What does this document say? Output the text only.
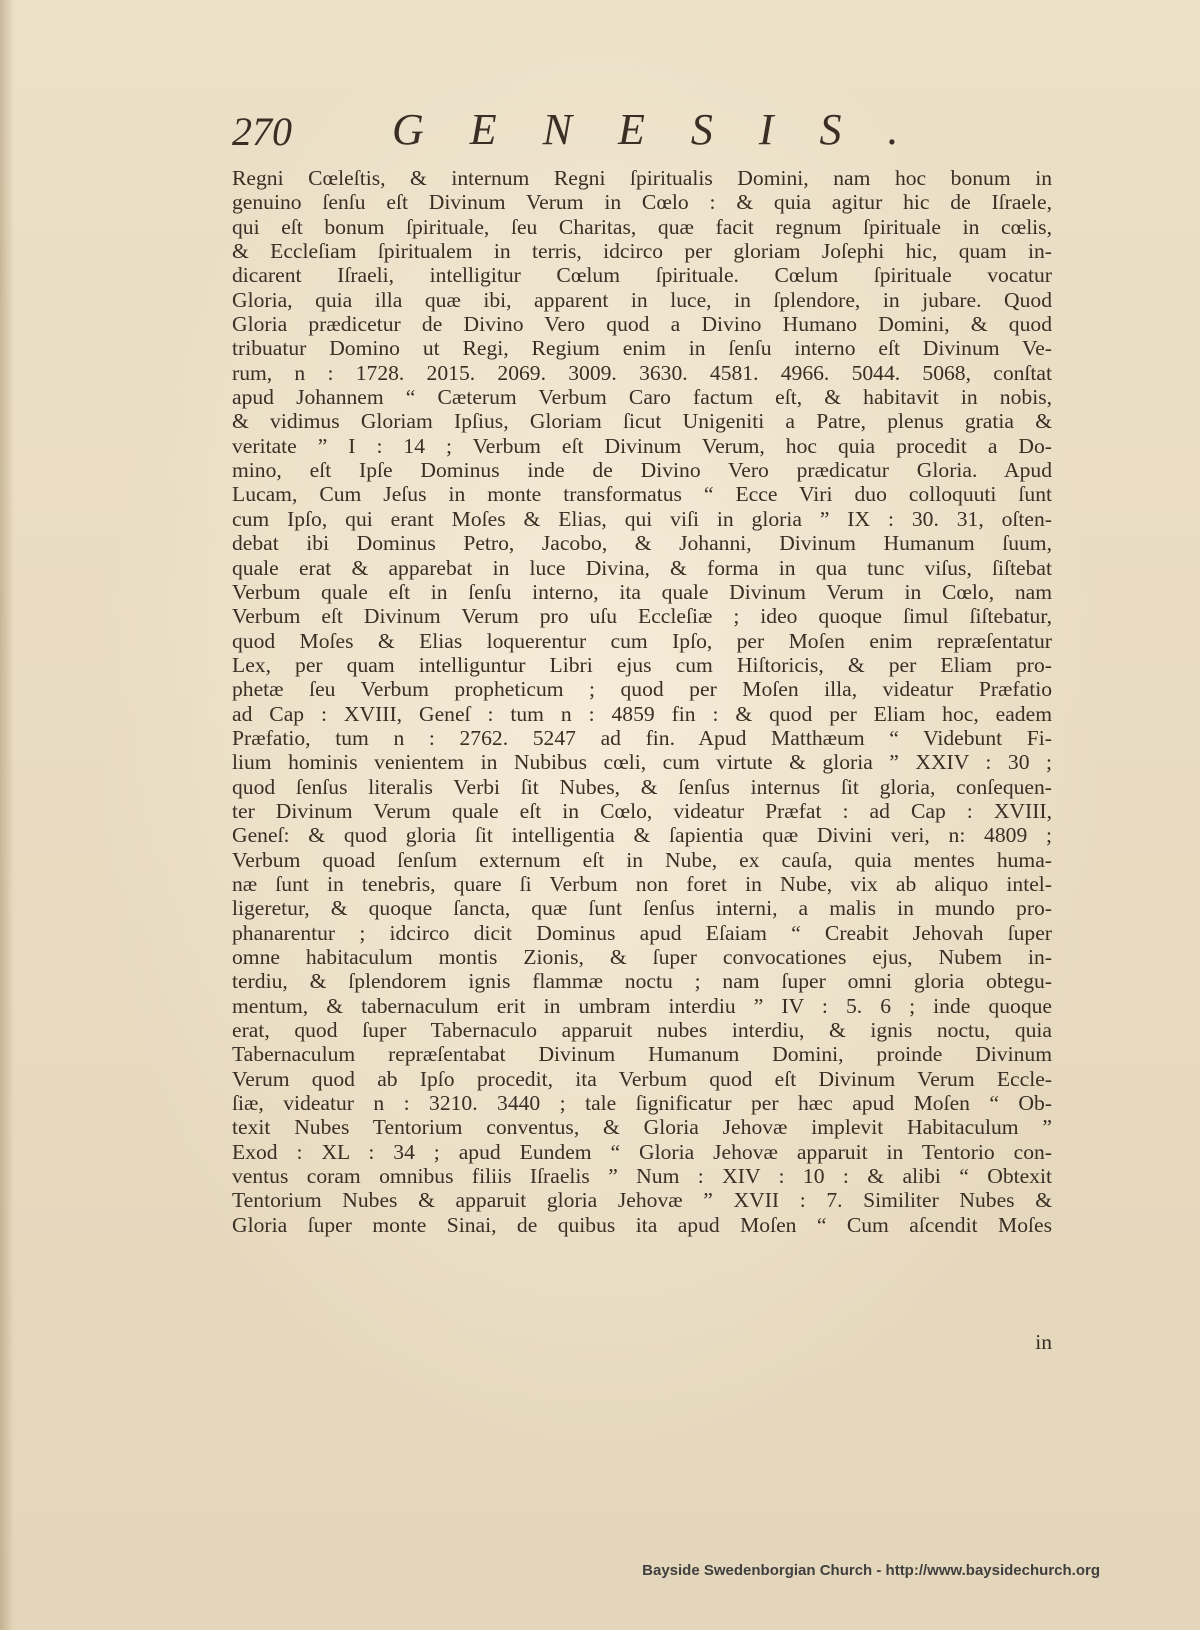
270 GENESIS.
Regni Cœleſtis, & internum Regni ſpiritualis Domini, nam hoc bonum in
genuino ſenſu eſt Divinum Verum in Cœlo : & quia agitur hic de Iſraele,
qui eſt bonum ſpirituale, ſeu Charitas, quæ facit regnum ſpirituale in cœlis,
& Eccleſiam ſpiritualem in terris, idcirco per gloriam Joſephi hic, quam in-
dicarent Iſraeli, intelligitur Cœlum ſpirituale. Cœlum ſpirituale vocatur
Gloria, quia illa quæ ibi, apparent in luce, in ſplendore, in jubare. Quod
Gloria prædicetur de Divino Vero quod a Divino Humano Domini, & quod
tribuatur Domino ut Regi, Regium enim in ſenſu interno eſt Divinum Ve-
rum, n : 1728. 2015. 2069. 3009. 3630. 4581. 4966. 5044. 5068, conſtat
apud Johannem “ Cæterum Verbum Caro factum eſt, & habitavit in nobis,
& vidimus Gloriam Ipſius, Gloriam ſicut Unigeniti a Patre, plenus gratia &
veritate ” I : 14 ; Verbum eſt Divinum Verum, hoc quia procedit a Do-
mino, eſt Ipſe Dominus inde de Divino Vero prædicatur Gloria. Apud
Lucam, Cum Jeſus in monte transformatus “ Ecce Viri duo colloquuti ſunt
cum Ipſo, qui erant Moſes & Elias, qui viſi in gloria ” IX : 30. 31, oſten-
debat ibi Dominus Petro, Jacobo, & Johanni, Divinum Humanum ſuum,
quale erat & apparebat in luce Divina, & forma in qua tunc viſus, ſiſtebat
Verbum quale eſt in ſenſu interno, ita quale Divinum Verum in Cœlo, nam
Verbum eſt Divinum Verum pro uſu Eccleſiæ ; ideo quoque ſimul ſiſtebatur,
quod Moſes & Elias loquerentur cum Ipſo, per Moſen enim repræſentatur
Lex, per quam intelliguntur Libri ejus cum Hiſtoricis, & per Eliam pro-
phetæ ſeu Verbum propheticum ; quod per Moſen illa, videatur Præfatio
ad Cap : XVIII, Geneſ : tum n : 4859 fin : & quod per Eliam hoc, eadem
Præfatio, tum n : 2762. 5247 ad fin. Apud Matthæum “ Videbunt Fi-
lium hominis venientem in Nubibus cœli, cum virtute & gloria ” XXIV : 30 ;
quod ſenſus literalis Verbi ſit Nubes, & ſenſus internus ſit gloria, conſequen-
ter Divinum Verum quale eſt in Cœlo, videatur Præfat : ad Cap : XVIII,
Geneſ: & quod gloria ſit intelligentia & ſapientia quæ Divini veri, n: 4809 ;
Verbum quoad ſenſum externum eſt in Nube, ex cauſa, quia mentes huma-
næ ſunt in tenebris, quare ſi Verbum non foret in Nube, vix ab aliquo intel-
ligeretur, & quoque ſancta, quæ ſunt ſenſus interni, a malis in mundo pro-
phanarentur ; idcirco dicit Dominus apud Eſaiam “ Creabit Jehovah ſuper
omne habitaculum montis Zionis, & ſuper convocationes ejus, Nubem in-
terdiu, & ſplendorem ignis flammæ noctu ; nam ſuper omni gloria obtegu-
mentum, & tabernaculum erit in umbram interdiu ” IV : 5. 6 ; inde quoque
erat, quod ſuper Tabernaculo apparuit nubes interdiu, & ignis noctu, quia
Tabernaculum repræſentabat Divinum Humanum Domini, proinde Divinum
Verum quod ab Ipſo procedit, ita Verbum quod eſt Divinum Verum Eccle-
ſiæ, videatur n : 3210. 3440 ; tale ſignificatur per hæc apud Moſen “ Ob-
texit Nubes Tentorium conventus, & Gloria Jehovæ implevit Habitaculum ”
Exod : XL : 34 ; apud Eundem “ Gloria Jehovæ apparuit in Tentorio con-
ventus coram omnibus filiis Iſraelis ” Num : XIV : 10 : & alibi “ Obtexit
Tentorium Nubes & apparuit gloria Jehovæ ” XVII : 7. Similiter Nubes &
Gloria ſuper monte Sinai, de quibus ita apud Moſen “ Cum aſcendit Moſes
in
Bayside Swedenborgian Church - http://www.baysidechurch.org
